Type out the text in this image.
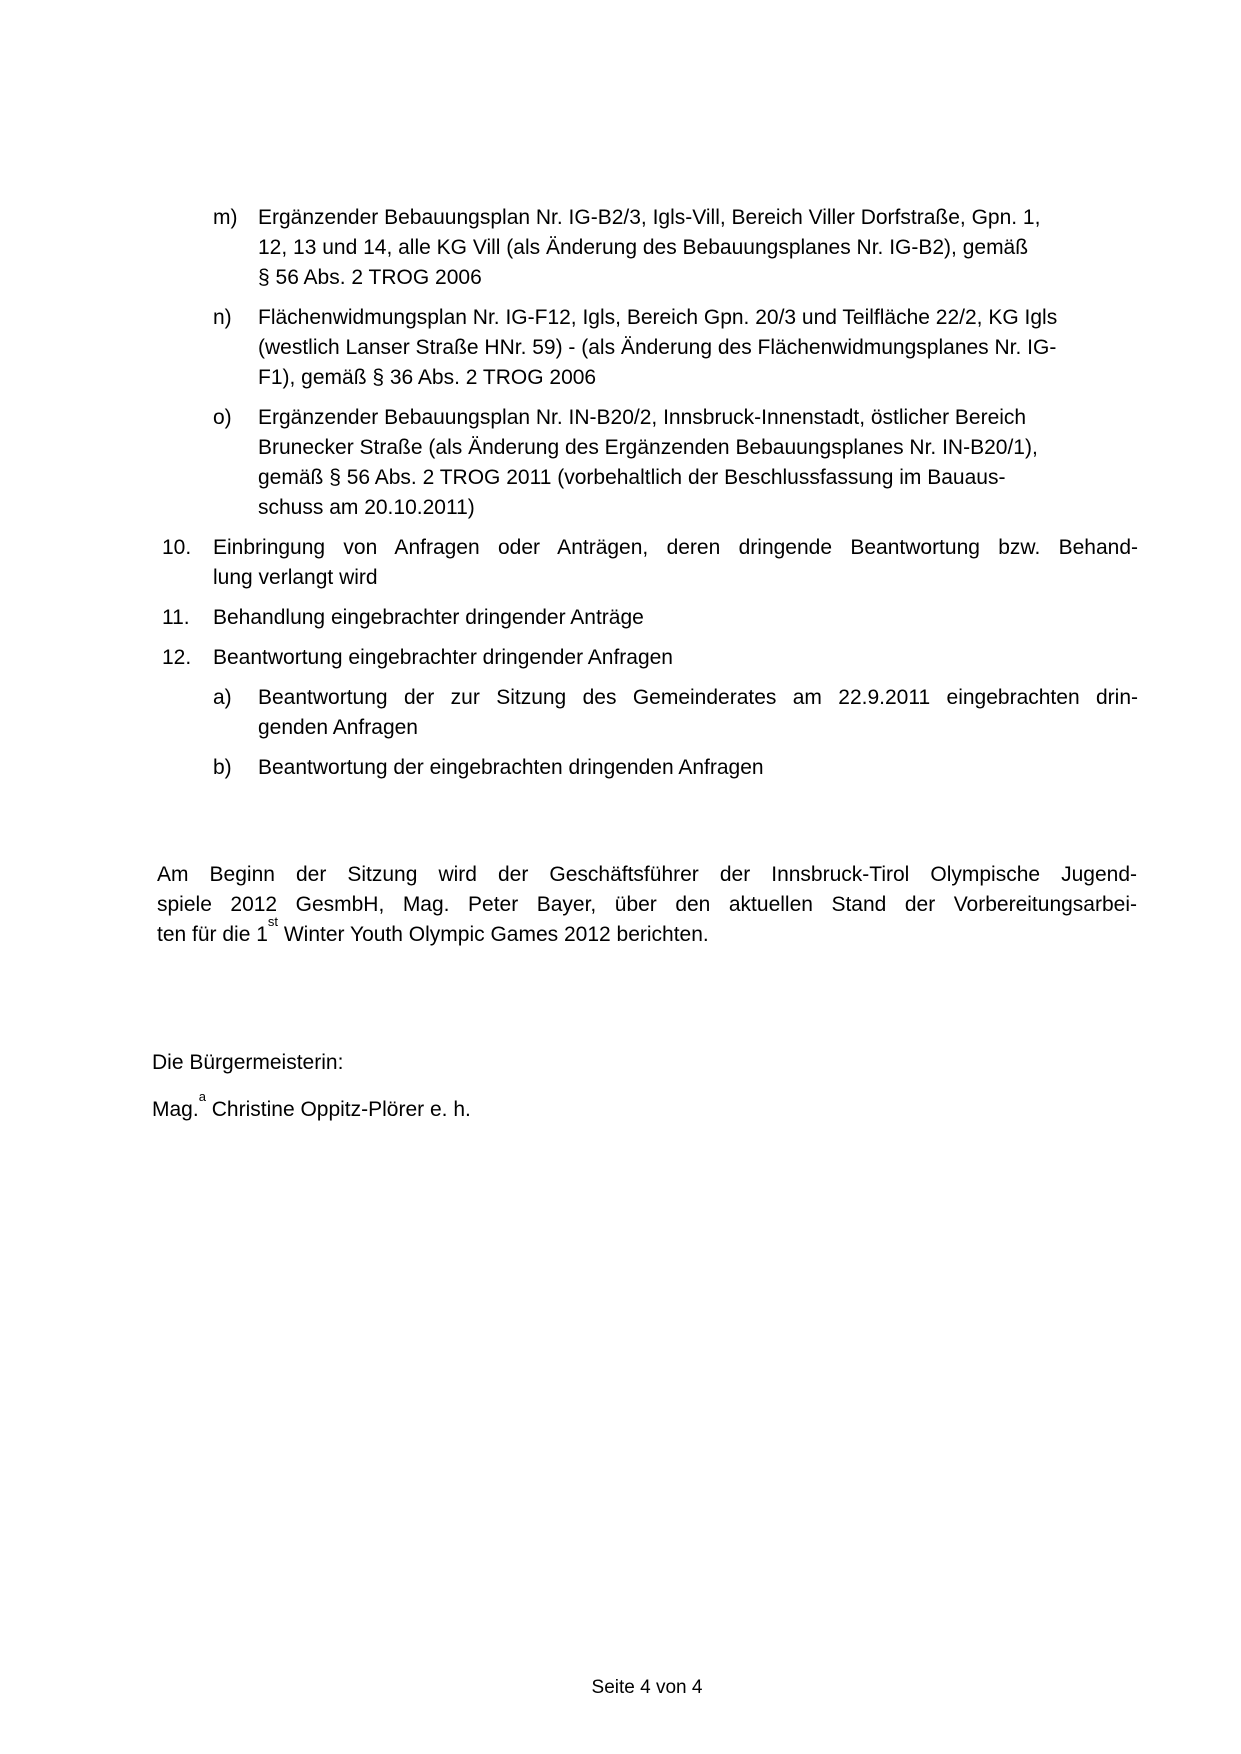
m) Ergänzender Bebauungsplan Nr. IG-B2/3, Igls-Vill, Bereich Viller Dorfstraße, Gpn. 1,
12, 13 und 14, alle KG Vill (als Änderung des Bebauungsplanes Nr. IG-B2), gemäß
§ 56 Abs. 2 TROG 2006
n)	Flächenwidmungsplan Nr. IG-F12, Igls, Bereich Gpn. 20/3 und Teilfläche 22/2, KG Igls
(westlich Lanser Straße HNr. 59) - (als Änderung des Flächenwidmungsplanes Nr. IG-
F1), gemäß § 36 Abs. 2 TROG 2006
o)	Ergänzender Bebauungsplan Nr. IN-B20/2, Innsbruck-Innenstadt, östlicher Bereich
Brunecker Straße (als Änderung des Ergänzenden Bebauungsplanes Nr. IN-B20/1),
gemäß § 56 Abs. 2 TROG 2011 (vorbehaltlich der Beschlussfassung im Bauaus-
schuss am 20.10.2011)
10.	Einbringung von Anfragen oder Anträgen, deren dringende Beantwortung bzw. Behand-
lung verlangt wird
11.	Behandlung eingebrachter dringender Anträge
12.	Beantwortung eingebrachter dringender Anfragen
a)	Beantwortung der zur Sitzung des Gemeinderates am 22.9.2011 eingebrachten drin-
genden Anfragen
b)	Beantwortung der eingebrachten dringenden Anfragen
Am Beginn der Sitzung wird der Geschäftsführer der Innsbruck-Tirol Olympische Jugend-
spiele 2012 GesmbH, Mag. Peter Bayer, über den aktuellen Stand der Vorbereitungsarbei-
ten für die 1st Winter Youth Olympic Games 2012 berichten.
Die Bürgermeisterin:
Mag.$^a$ Christine Oppitz-Plörer e. h.
Seite 4 von 4
